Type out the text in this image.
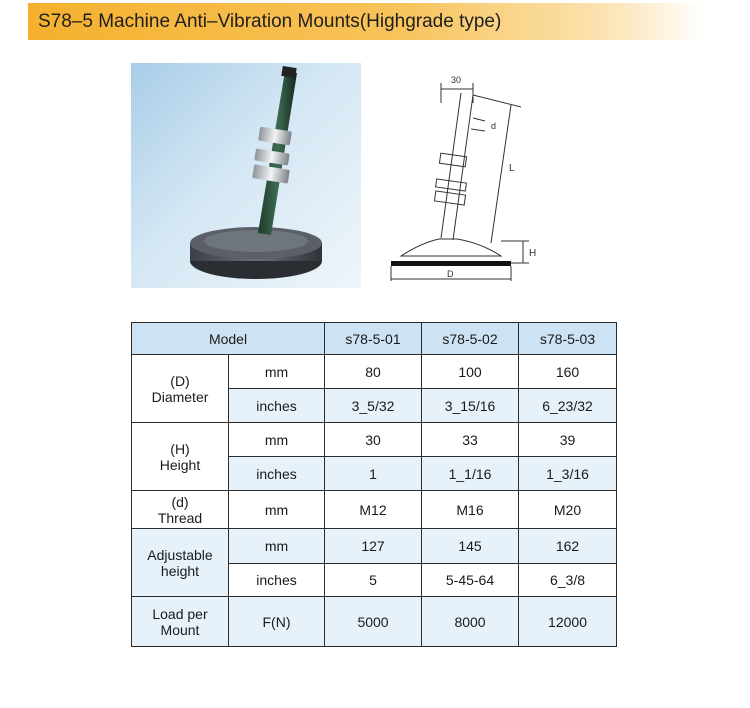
S78–5 Machine Anti–Vibration Mounts(Highgrade type)
30
d
L
H
D
Model		s78-5-01	s78-5-02	s78-5-03
(D)
Diameter	mm	80	100	160
	inches	3_5/32	3_15/16	6_23/32
(H)
Height	mm	30	33	39
	inches	1	1_1/16	1_3/16
(d)
Thread	mm	M12	M16	M20
Adjustable
height	mm	127	145	162
	inches	5	5-45-64	6_3/8
Load per
Mount	F(N)	5000	8000	12000
